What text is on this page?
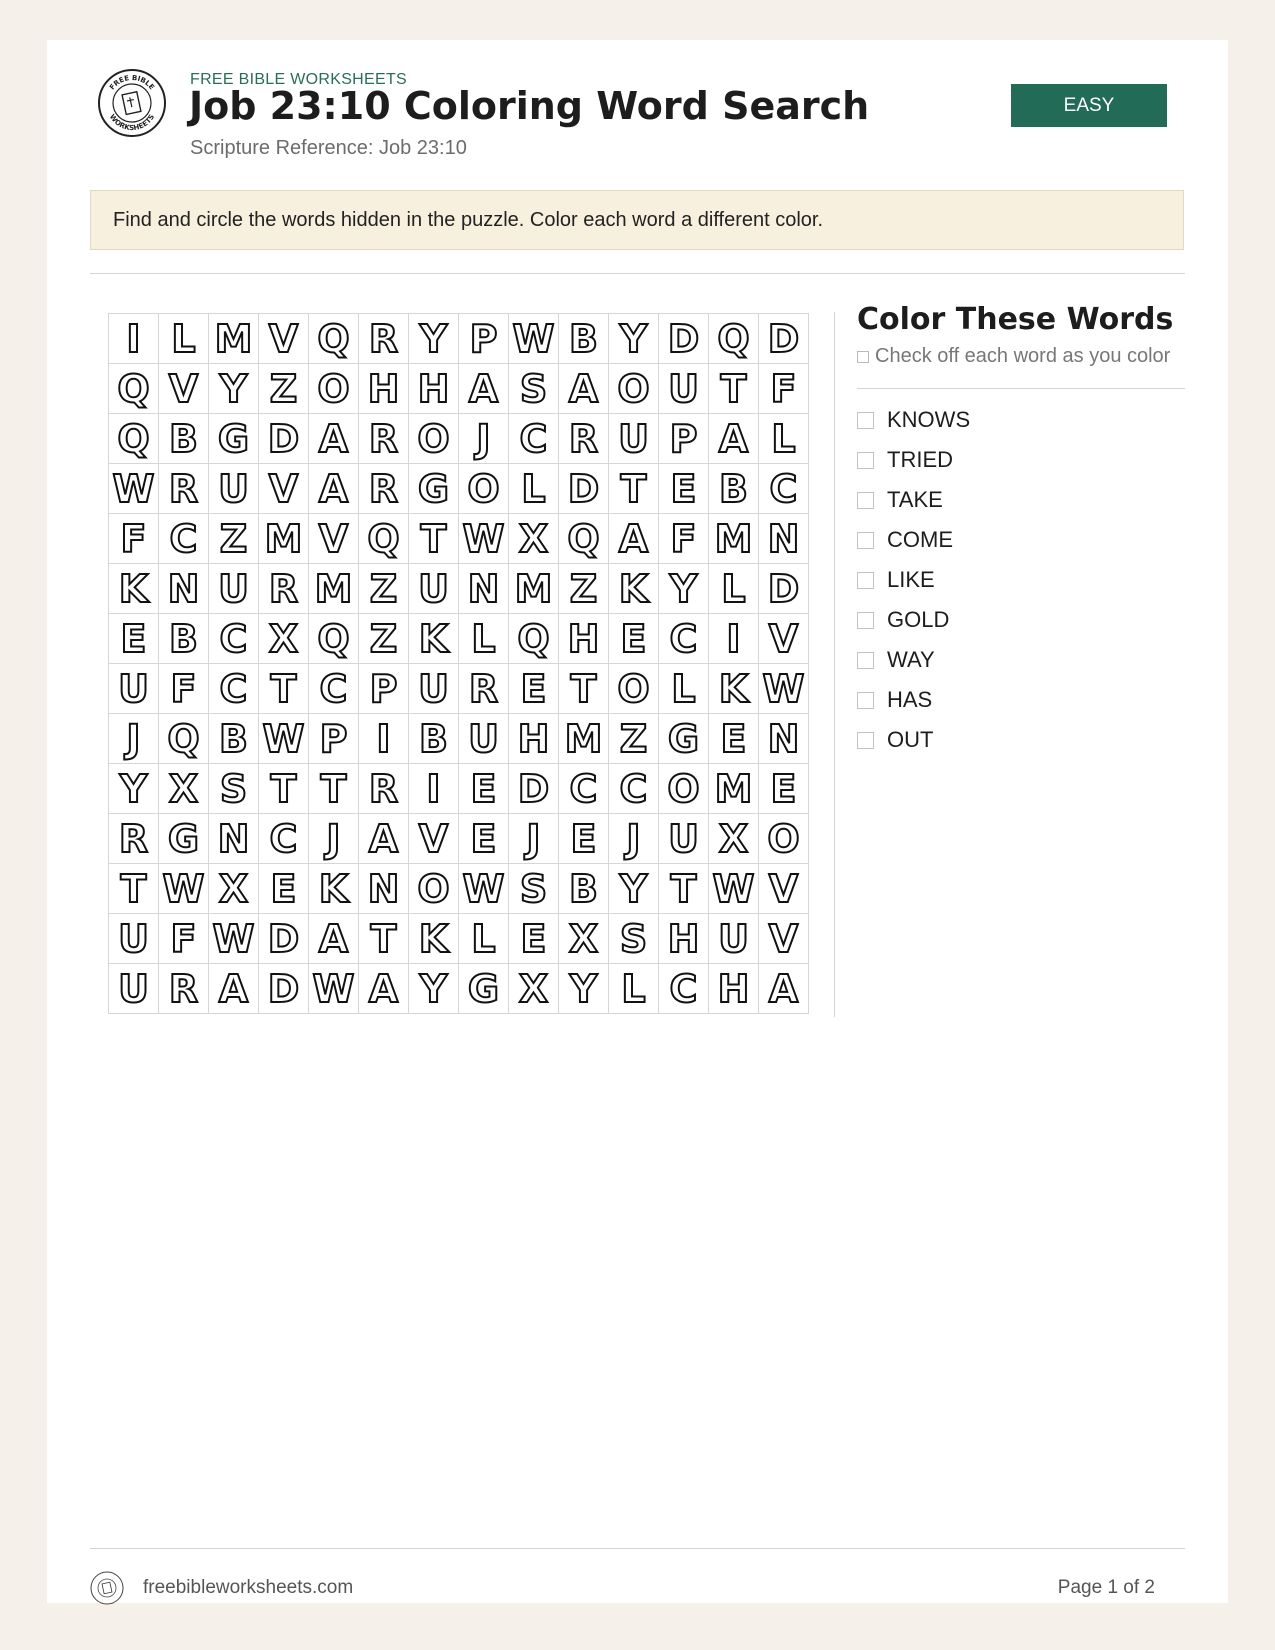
FREE BIBLE
WORKSHEETS
FREE BIBLE WORKSHEETS
Job 23:10 Coloring Word Search
Scripture Reference: Job 23:10
EASY
Find and circle the words hidden in the puzzle. Color each word a different color.
I L M V Q R Y P W B Y D Q D
Q V Y Z O H H A S A O U T F
Q B G D A R O J C R U P A L
W R U V A R G O L D T E B C
F C Z M V Q T W X Q A F M N
K N U R M Z U N M Z K Y L D
E B C X Q Z K L Q H E C I V
U F C T C P U R E T O L K W
J Q B W P I B U H M Z G E N
Y X S T T R I E D C C O M E
R G N C J A V E J E J U X O
T W X E K N O W S B Y T W V
U F W D A T K L E X S H U V
U R A D W A Y G X Y L C H A
Color These Words
Check off each word as you color
KNOWS
TRIED
TAKE
COME
LIKE
GOLD
WAY
HAS
OUT
freebibleworksheets.com	Page 1 of 2
